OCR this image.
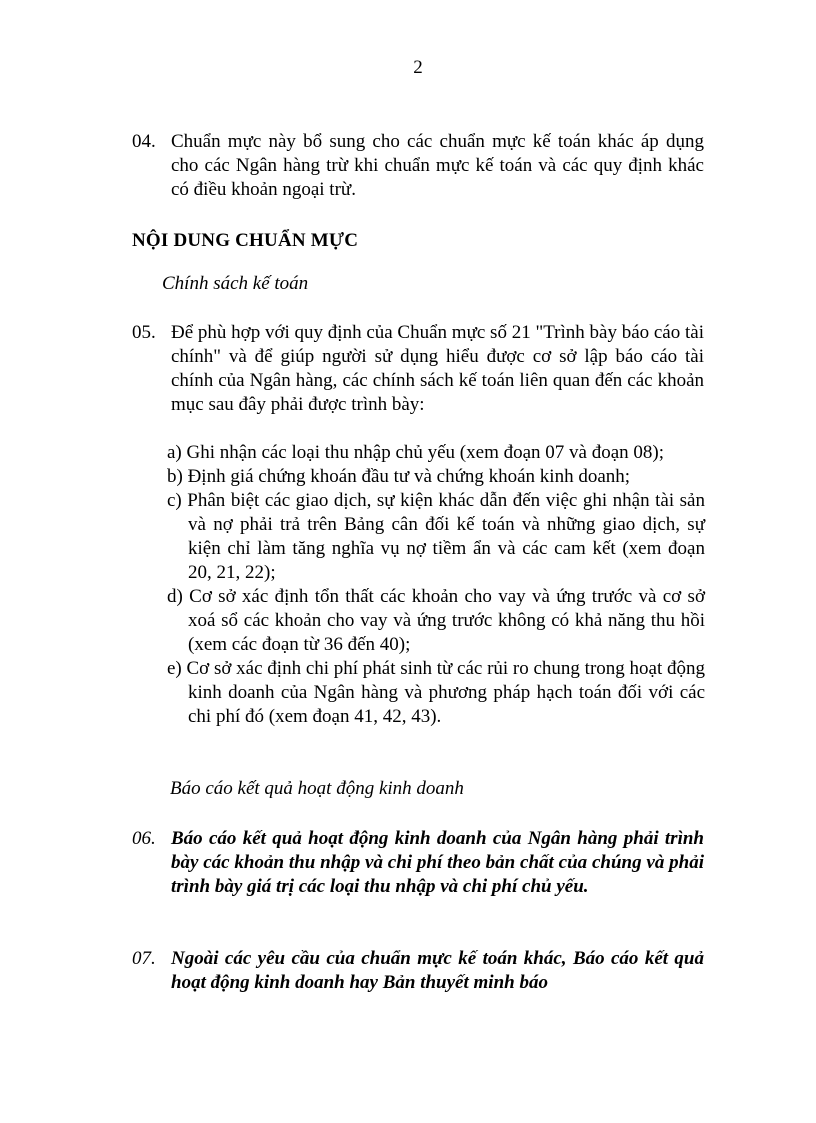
2
04. Chuẩn mực này bổ sung cho các chuẩn mực kế toán khác áp dụng cho các Ngân hàng trừ khi chuẩn mực kế toán và các quy định khác có điều khoản ngoại trừ.
NỘI DUNG CHUẨN MỰC
Chính sách kế toán
05. Để phù hợp với quy định của Chuẩn mực số 21 "Trình bày báo cáo tài chính" và để giúp người sử dụng hiểu được cơ sở lập báo cáo tài chính của Ngân hàng, các chính sách kế toán liên quan đến các khoản mục sau đây phải được trình bày:
a) Ghi nhận các loại thu nhập chủ yếu (xem đoạn 07 và đoạn 08);
b) Định giá chứng khoán đầu tư và chứng khoán kinh doanh;
c) Phân biệt các giao dịch, sự kiện khác dẫn đến việc ghi nhận tài sản và nợ phải trả trên Bảng cân đối kế toán và những giao dịch, sự kiện chỉ làm tăng nghĩa vụ nợ tiềm ẩn và các cam kết (xem đoạn 20, 21, 22);
d) Cơ sở xác định tổn thất các khoản cho vay và ứng trước và cơ sở xoá sổ các khoản cho vay và ứng trước không có khả năng thu hồi (xem các đoạn từ 36 đến 40);
e) Cơ sở xác định chi phí phát sinh từ các rủi ro chung trong hoạt động kinh doanh của Ngân hàng và phương pháp hạch toán đối với các chi phí đó (xem đoạn 41, 42, 43).
Báo cáo kết quả hoạt động kinh doanh
06. Báo cáo kết quả hoạt động kinh doanh của Ngân hàng phải trình bày các khoản thu nhập và chi phí theo bản chất của chúng và phải trình bày giá trị các loại thu nhập và chi phí chủ yếu.
07. Ngoài các yêu cầu của chuẩn mực kế toán khác, Báo cáo kết quả hoạt động kinh doanh hay Bản thuyết minh báo
